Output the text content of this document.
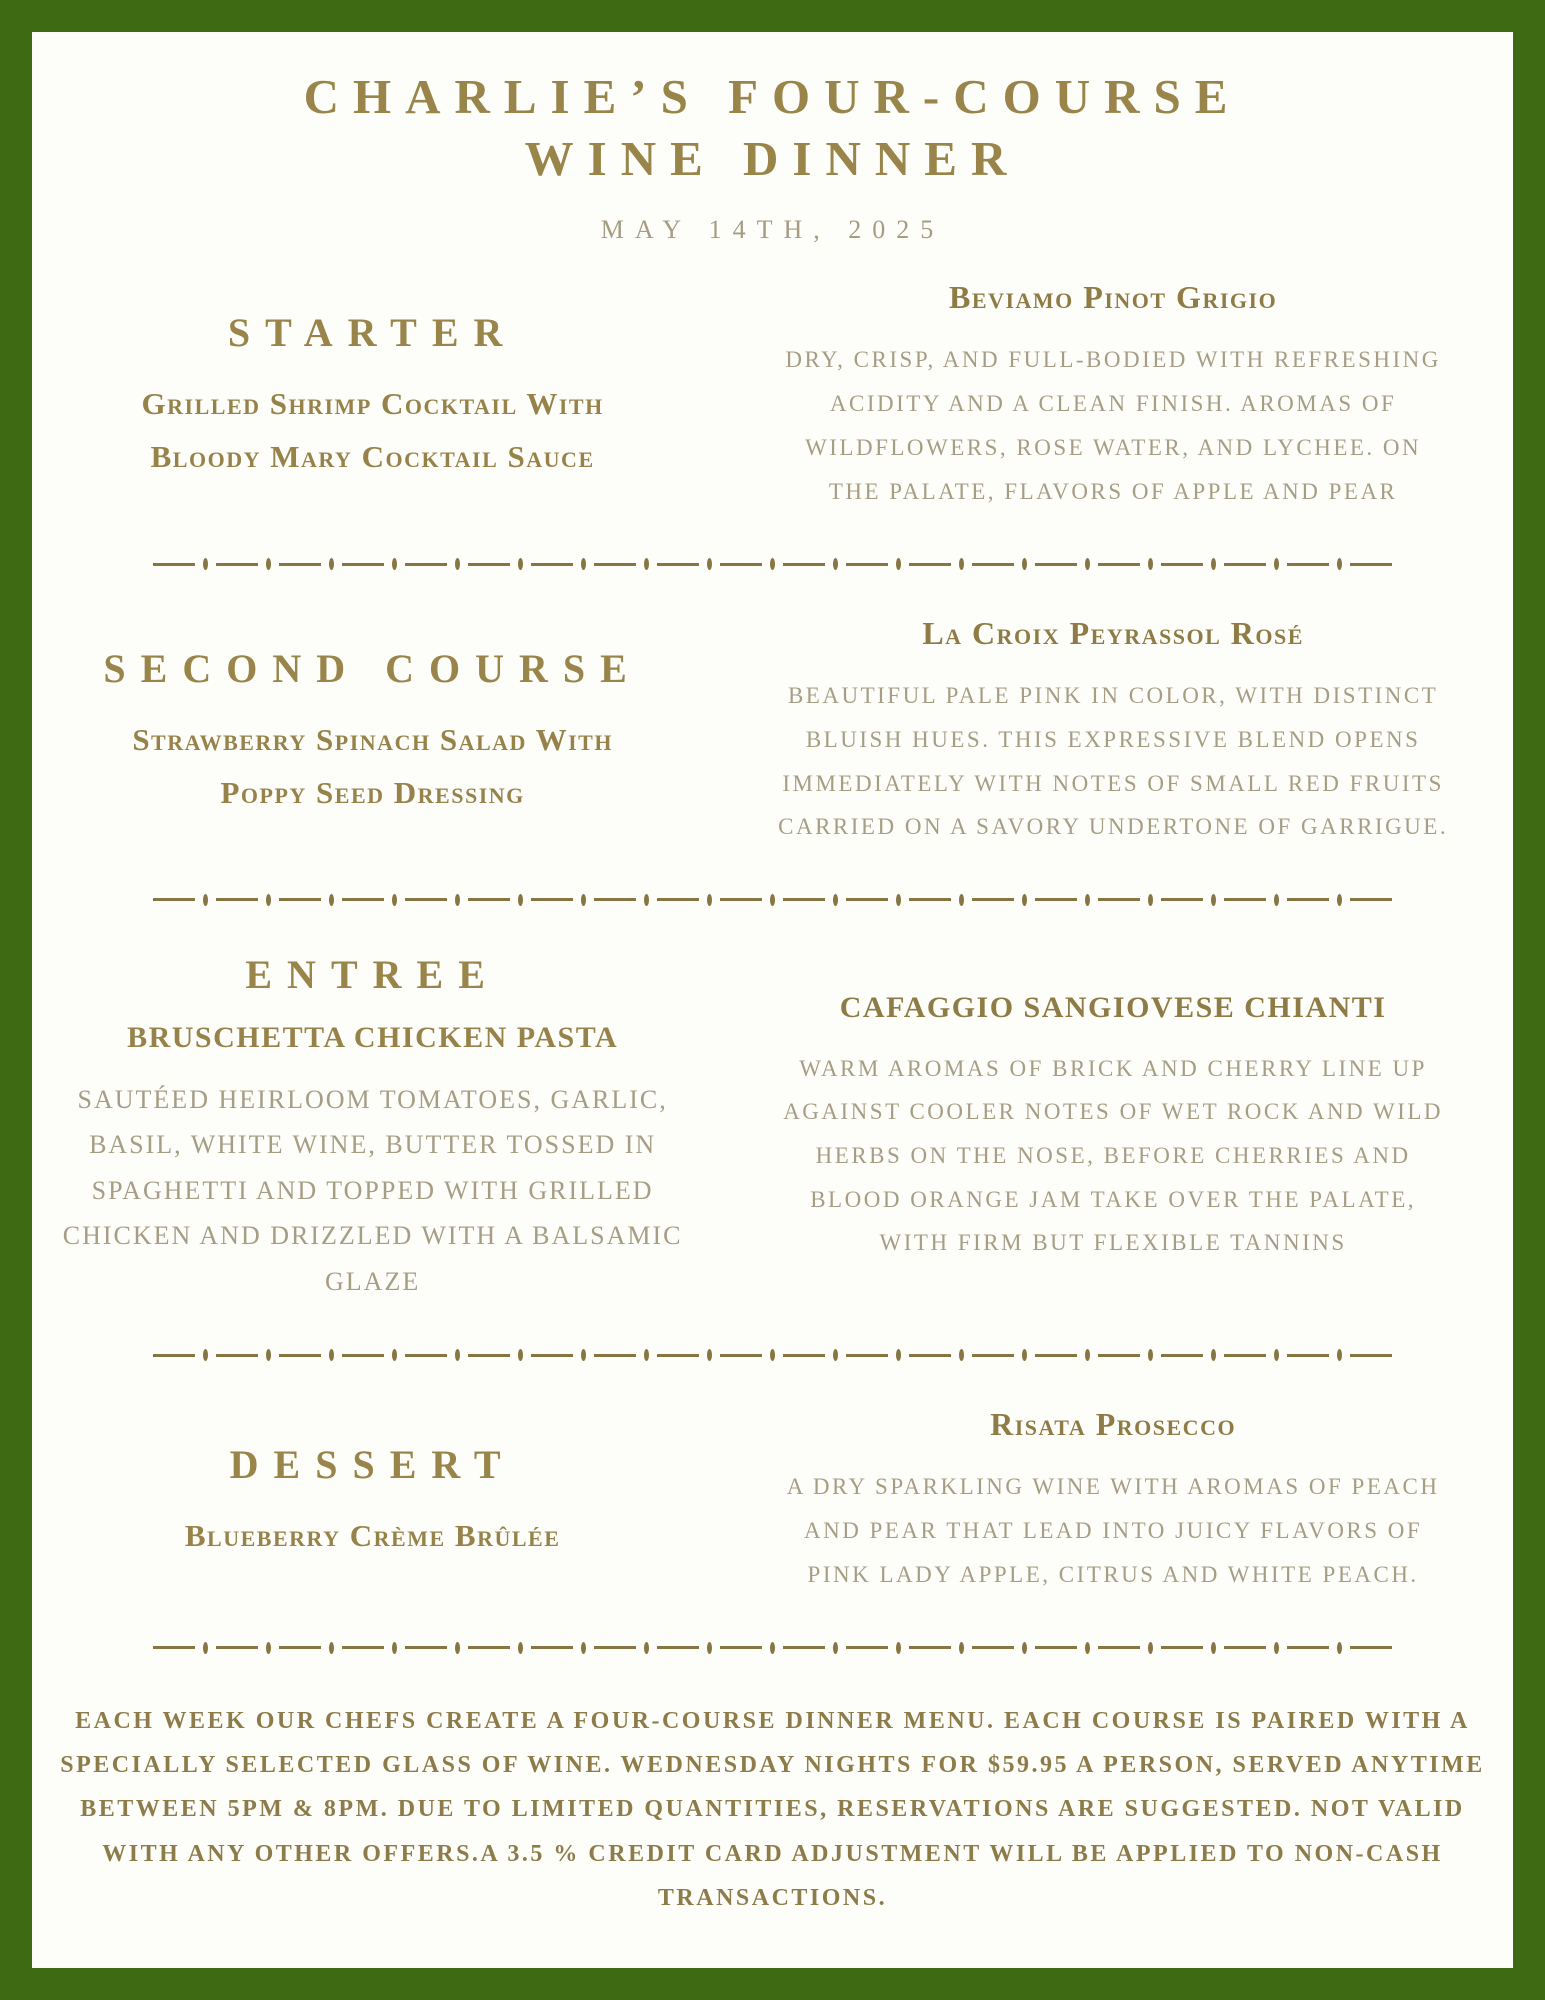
CHARLIE’S FOUR-COURSE WINE DINNER
MAY 14TH, 2025
STARTER
Grilled Shrimp Cocktail With Bloody Mary Cocktail Sauce
Beviamo Pinot Grigio
DRY, CRISP, AND FULL-BODIED WITH REFRESHING ACIDITY AND A CLEAN FINISH. AROMAS OF WILDFLOWERS, ROSE WATER, AND LYCHEE. ON THE PALATE, FLAVORS OF APPLE AND PEAR
SECOND COURSE
Strawberry Spinach Salad With Poppy Seed Dressing
La Croix Peyrassol Rosé
BEAUTIFUL PALE PINK IN COLOR, WITH DISTINCT BLUISH HUES. THIS EXPRESSIVE BLEND OPENS IMMEDIATELY WITH NOTES OF SMALL RED FRUITS CARRIED ON A SAVORY UNDERTONE OF GARRIGUE.
ENTREE
BRUSCHETTA CHICKEN PASTA
SAUTÉED HEIRLOOM TOMATOES, GARLIC, BASIL, WHITE WINE, BUTTER TOSSED IN SPAGHETTI AND TOPPED WITH GRILLED CHICKEN AND DRIZZLED WITH A BALSAMIC GLAZE
CAFAGGIO SANGIOVESE CHIANTI
WARM AROMAS OF BRICK AND CHERRY LINE UP AGAINST COOLER NOTES OF WET ROCK AND WILD HERBS ON THE NOSE, BEFORE CHERRIES AND BLOOD ORANGE JAM TAKE OVER THE PALATE, WITH FIRM BUT FLEXIBLE TANNINS
DESSERT
Blueberry Crème Brûlée
Risata Prosecco
A DRY SPARKLING WINE WITH AROMAS OF PEACH AND PEAR THAT LEAD INTO JUICY FLAVORS OF PINK LADY APPLE, CITRUS AND WHITE PEACH.
EACH WEEK OUR CHEFS CREATE A FOUR-COURSE DINNER MENU. EACH COURSE IS PAIRED WITH A SPECIALLY SELECTED GLASS OF WINE. WEDNESDAY NIGHTS FOR $59.95 A PERSON, SERVED ANYTIME BETWEEN 5PM & 8PM. DUE TO LIMITED QUANTITIES, RESERVATIONS ARE SUGGESTED. NOT VALID WITH ANY OTHER OFFERS.A 3.5 % CREDIT CARD ADJUSTMENT WILL BE APPLIED TO NON-CASH TRANSACTIONS.
